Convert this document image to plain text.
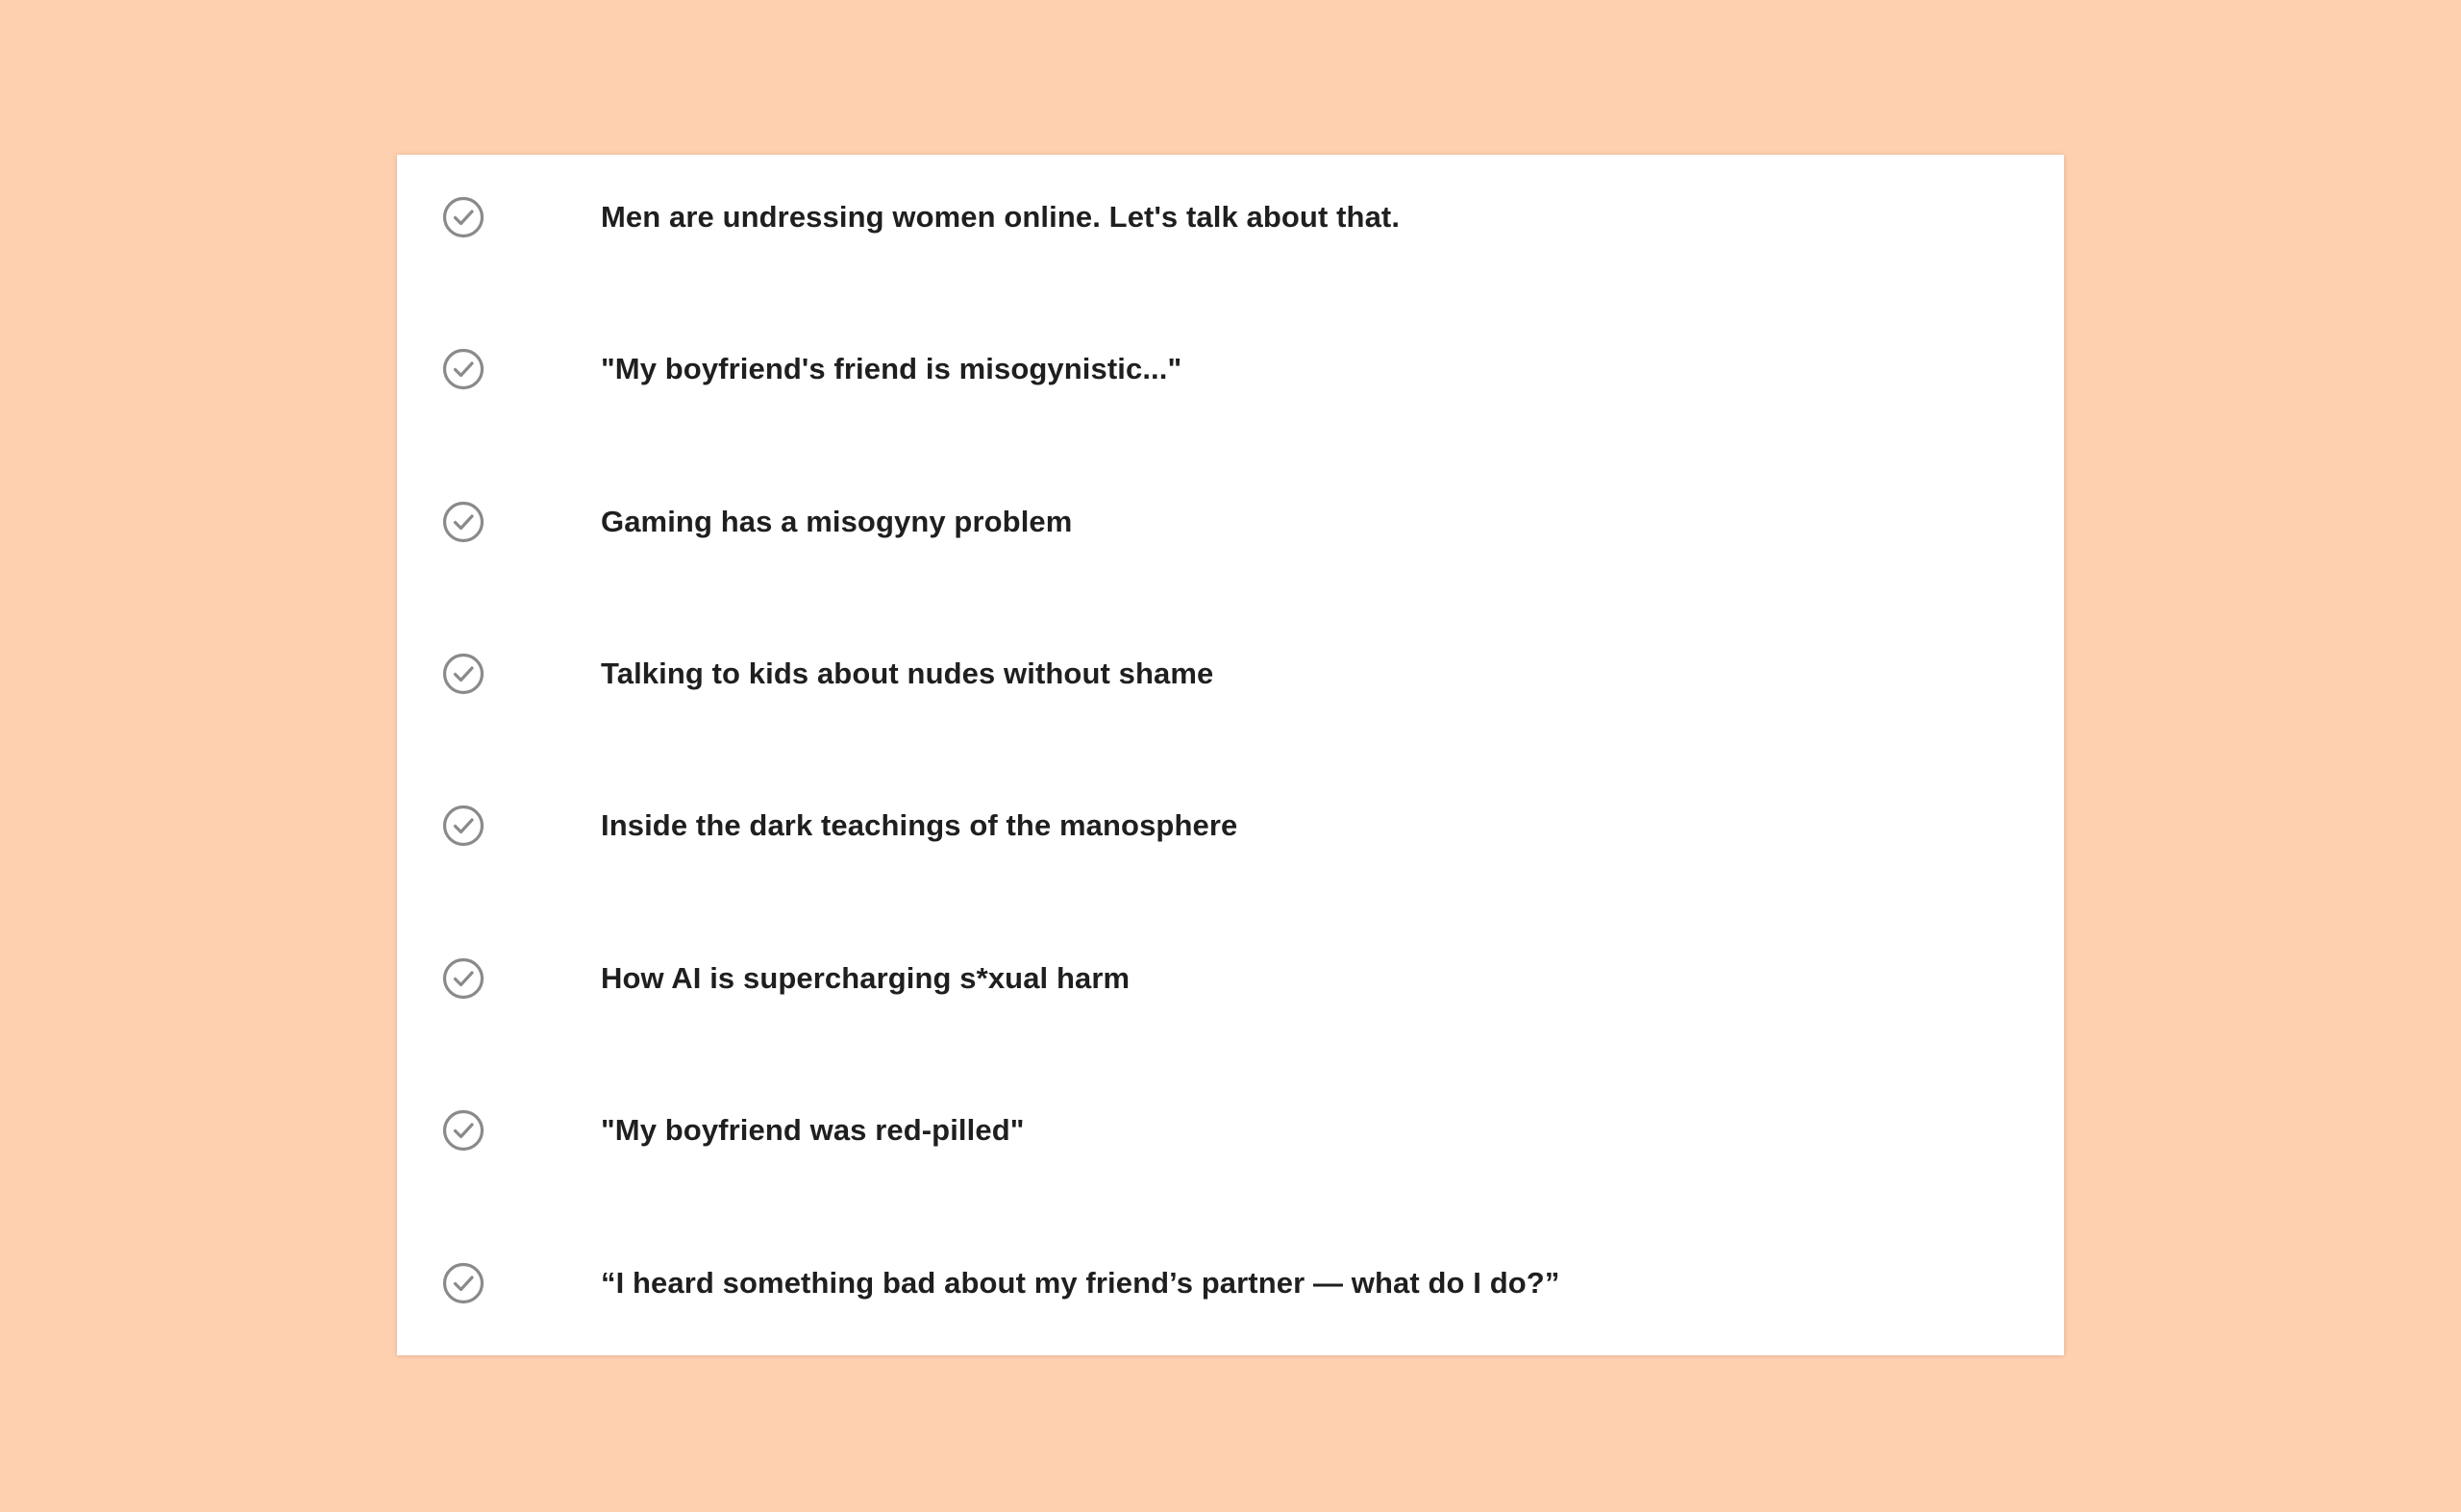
Men are undressing women online. Let's talk about that.
"My boyfriend's friend is misogynistic..."
Gaming has a misogyny problem
Talking to kids about nudes without shame
Inside the dark teachings of the manosphere
How AI is supercharging s*xual harm
"My boyfriend was red-pilled"
“I heard something bad about my friend’s partner — what do I do?”
